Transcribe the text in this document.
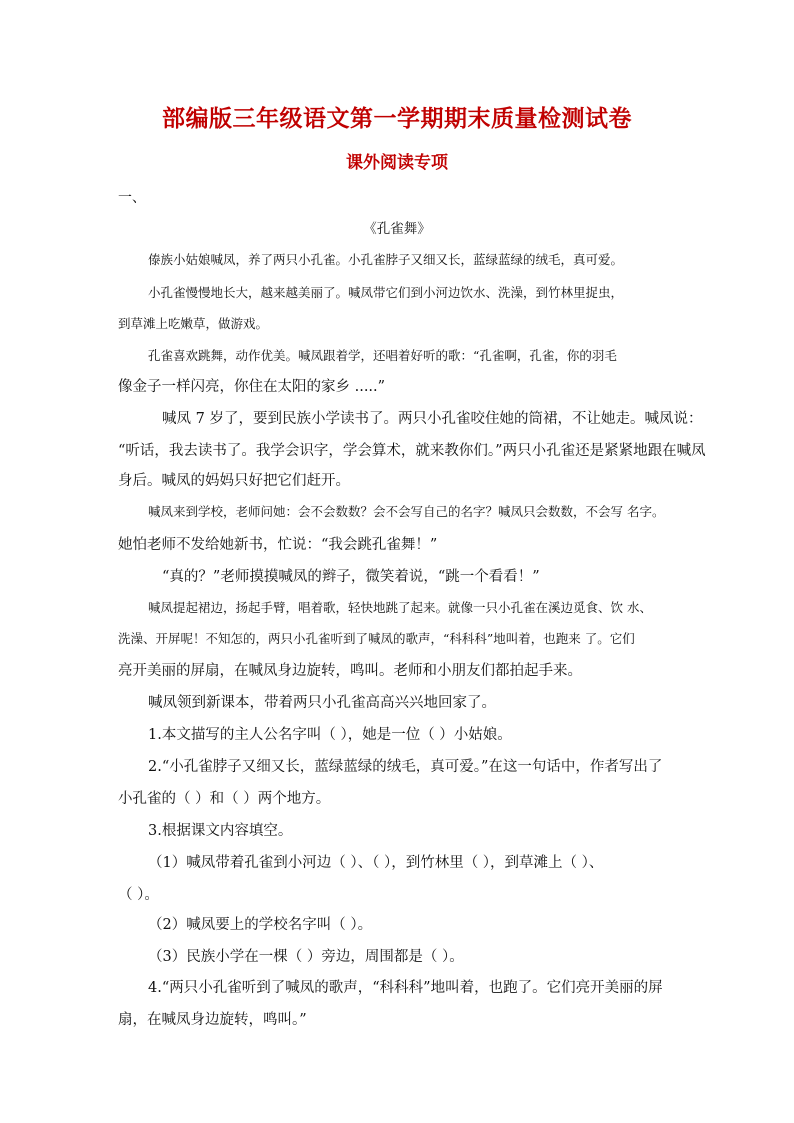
部编版三年级语文第一学期期末质量检测试卷
课外阅读专项
一、
《孔雀舞》
傣族小姑娘喊凤，养了两只小孔雀。小孔雀脖子又细又长，蓝绿蓝绿的绒毛，真可爱。
小孔雀慢慢地长大，越来越美丽了。喊凤带它们到小河边饮水、洗澡，到竹林里捉虫，
到草滩上吃嫩草，做游戏。
孔雀喜欢跳舞，动作优美。喊凤跟着学，还唱着好听的歌：“孔雀啊，孔雀，你的羽毛
像金子一样闪亮，你住在太阳的家乡 .....”
喊凤 7 岁了，要到民族小学读书了。两只小孔雀咬住她的筒裙，不让她走。喊凤说：
“听话，我去读书了。我学会识字，学会算术，就来教你们。”两只小孔雀还是紧紧地跟在喊凤
身后。喊凤的妈妈只好把它们赶开。
喊凤来到学校，老师问她：会不会数数？会不会写自己的名字？喊凤只会数数，不会写 名字。
她怕老师不发给她新书，忙说：“我会跳孔雀舞！”
“真的？”老师摸摸喊凤的辫子，微笑着说，“跳一个看看！”
喊凤提起裙边，扬起手臂，唱着歌，轻快地跳了起来。就像一只小孔雀在溪边觅食、饮 水、
洗澡、开屏呢！不知怎的，两只小孔雀听到了喊凤的歌声，“科科科”地叫着，也跑来 了。它们
亮开美丽的屏扇，在喊凤身边旋转，鸣叫。老师和小朋友们都拍起手来。
喊凤领到新课本，带着两只小孔雀高高兴兴地回家了。
1.本文描写的主人公名字叫（ ），她是一位（ ）小姑娘。
2.“小孔雀脖子又细又长，蓝绿蓝绿的绒毛，真可爱。”在这一句话中，作者写出了
小孔雀的（ ）和（ ）两个地方。
3.根据课文内容填空。
（1）喊凤带着孔雀到小河边（ ）、（ ），到竹林里（ ），到草滩上（ ）、
（ ）。
（2）喊凤要上的学校名字叫（ ）。
（3）民族小学在一棵（ ）旁边，周围都是（ ）。
4.“两只小孔雀听到了喊凤的歌声，“科科科”地叫着，也跑了。它们亮开美丽的屏
扇，在喊凤身边旋转，鸣叫。”
